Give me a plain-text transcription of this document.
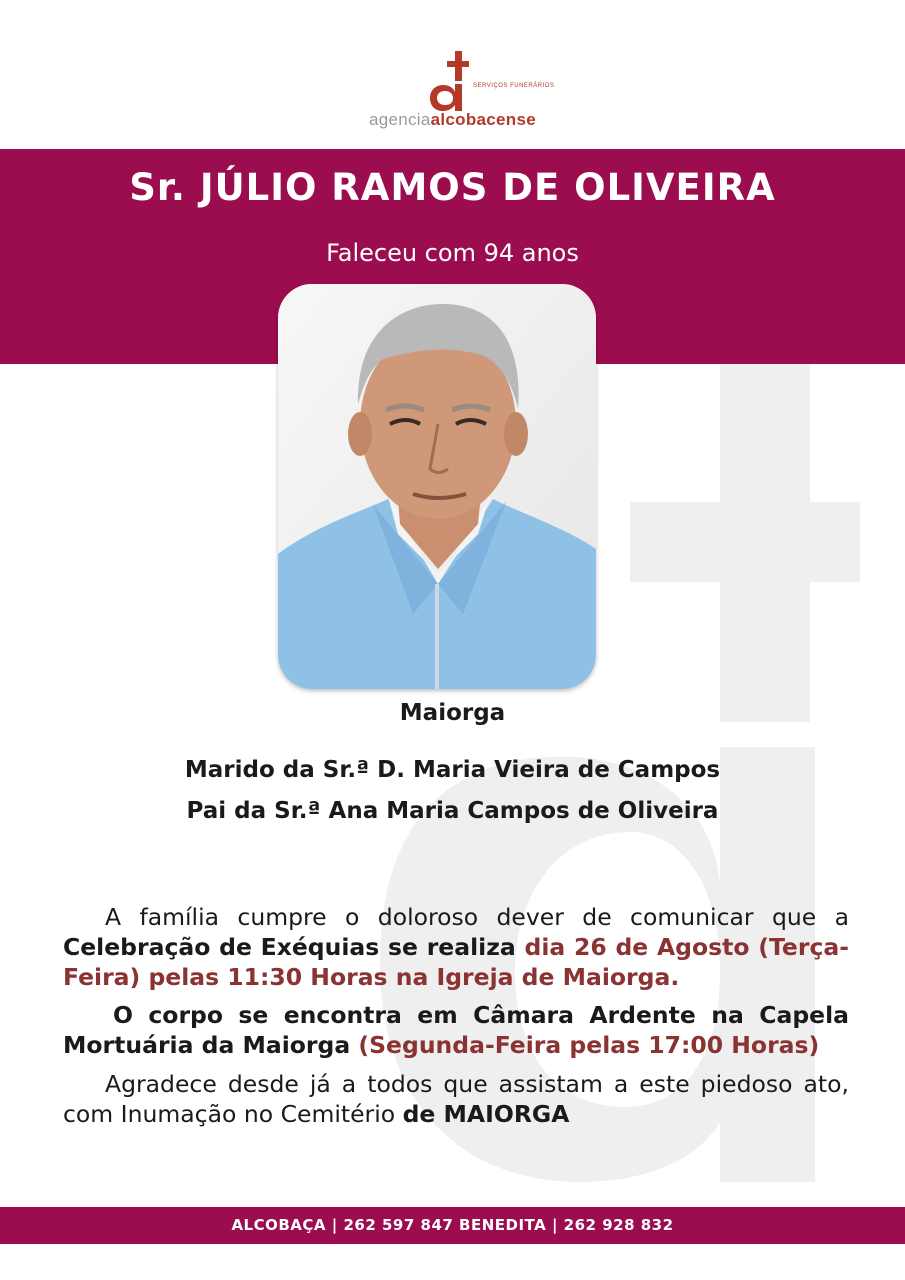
agenciaalcobacense
SERVIÇOS FUNERÁRIOS
Sr. JÚLIO RAMOS DE OLIVEIRA
Faleceu com 94 anos
Maiorga
Marido da Sr.ª D. Maria Vieira de Campos
Pai da Sr.ª Ana Maria Campos de Oliveira
A família cumpre o doloroso dever de comunicar que a Celebração de Exéquias se realiza dia 26 de Agosto (Terça-Feira) pelas 11:30 Horas na Igreja de Maiorga.
O corpo se encontra em Câmara Ardente na Capela Mortuária da Maiorga (Segunda-Feira pelas 17:00 Horas)
Agradece desde já a todos que assistam a este piedoso ato, com Inumação no Cemitério de MAIORGA
ALCOBAÇA | 262 597 847 BENEDITA | 262 928 832
